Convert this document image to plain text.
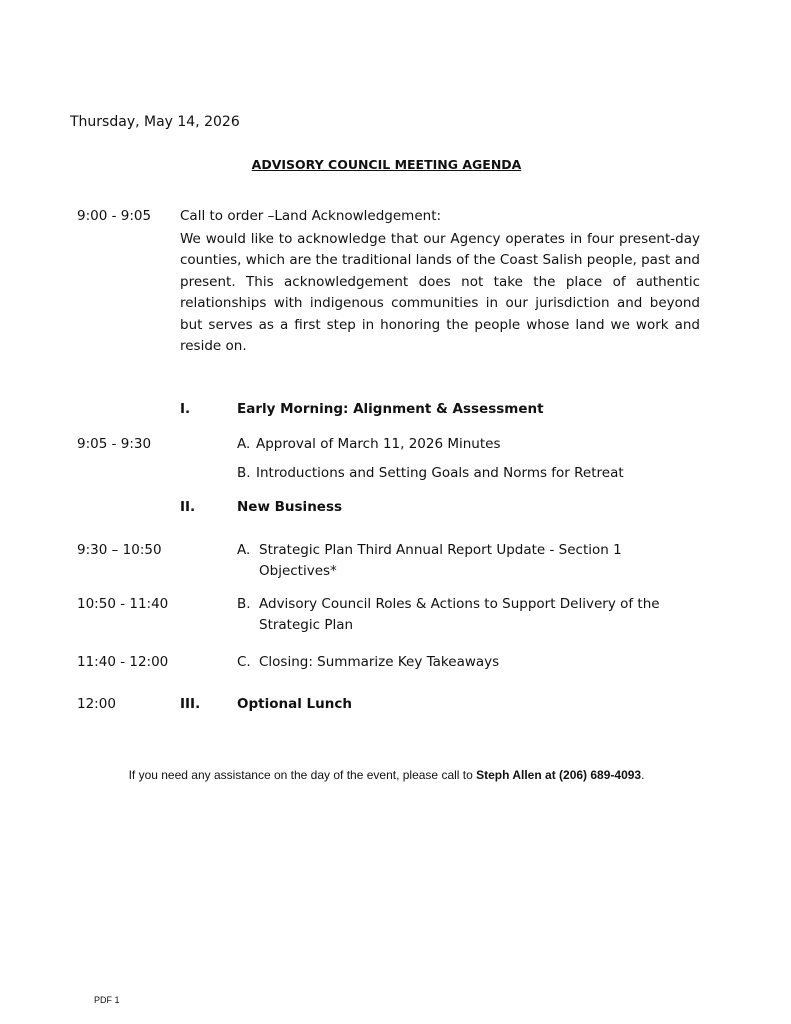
Thursday, May 14, 2026
ADVISORY COUNCIL MEETING AGENDA
9:00 - 9:05 Call to order –Land Acknowledgement:
We would like to acknowledge that our Agency operates in four present-day counties, which are the traditional lands of the Coast Salish people, past and present. This acknowledgement does not take the place of authentic relationships with indigenous communities in our jurisdiction and beyond but serves as a first step in honoring the people whose land we work and reside on.
I.	Early Morning: Alignment & Assessment
9:05 - 9:30	A. Approval of March 11, 2026 Minutes
B. Introductions and Setting Goals and Norms for Retreat
II.	New Business
9:30 – 10:50	A. Strategic Plan Third Annual Report Update - Section 1
Objectives*
10:50 - 11:40	B. Advisory Council Roles & Actions to Support Delivery of the
Strategic Plan
11:40 - 12:00	C. Closing: Summarize Key Takeaways
12:00	III.	Optional Lunch
If you need any assistance on the day of the event, please call to Steph Allen at (206) 689-4093.
PDF 1
